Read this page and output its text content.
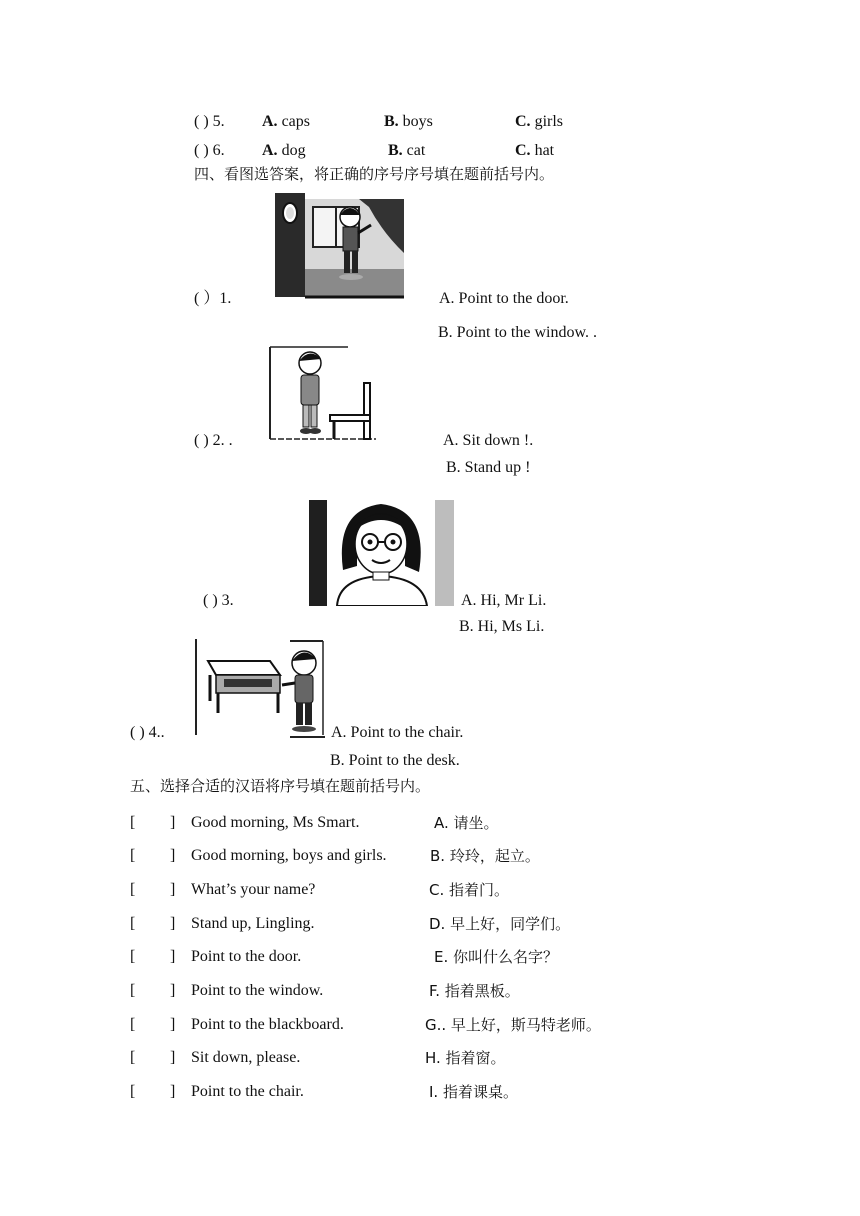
( ) 5. A. caps	B. boys	C. girls
( ) 6. A. dog	B. cat	C. hat
四、看图选答案，将正确的序号序号填在题前括号内。
( ）1.	A. Point to the door.
B. Point to the window. .
( ) 2. .	A. Sit down !.
B. Stand up !
( ) 3.	A. Hi, Mr Li.
B. Hi, Ms Li.
( ) 4..	A. Point to the chair.
B. Point to the desk.
五、选择合适的汉语将序号填在题前括号内。
[ ] Good morning, Ms Smart.	A. 请坐。
[ ] Good morning, boys and girls.	B. 玲玲，起立。
[ ] What’s your name?	C. 指着门。
[ ] Stand up, Lingling.	D. 早上好，同学们。
[ ] Point to the door.	E. 你叫什么名字？
[ ] Point to the window.	F. 指着黑板。
[ ] Point to the blackboard.	G.. 早上好，斯马特老师。
[ ] Sit down, please.	H. 指着窗。
[ ] Point to the chair.	I. 指着课桌。
